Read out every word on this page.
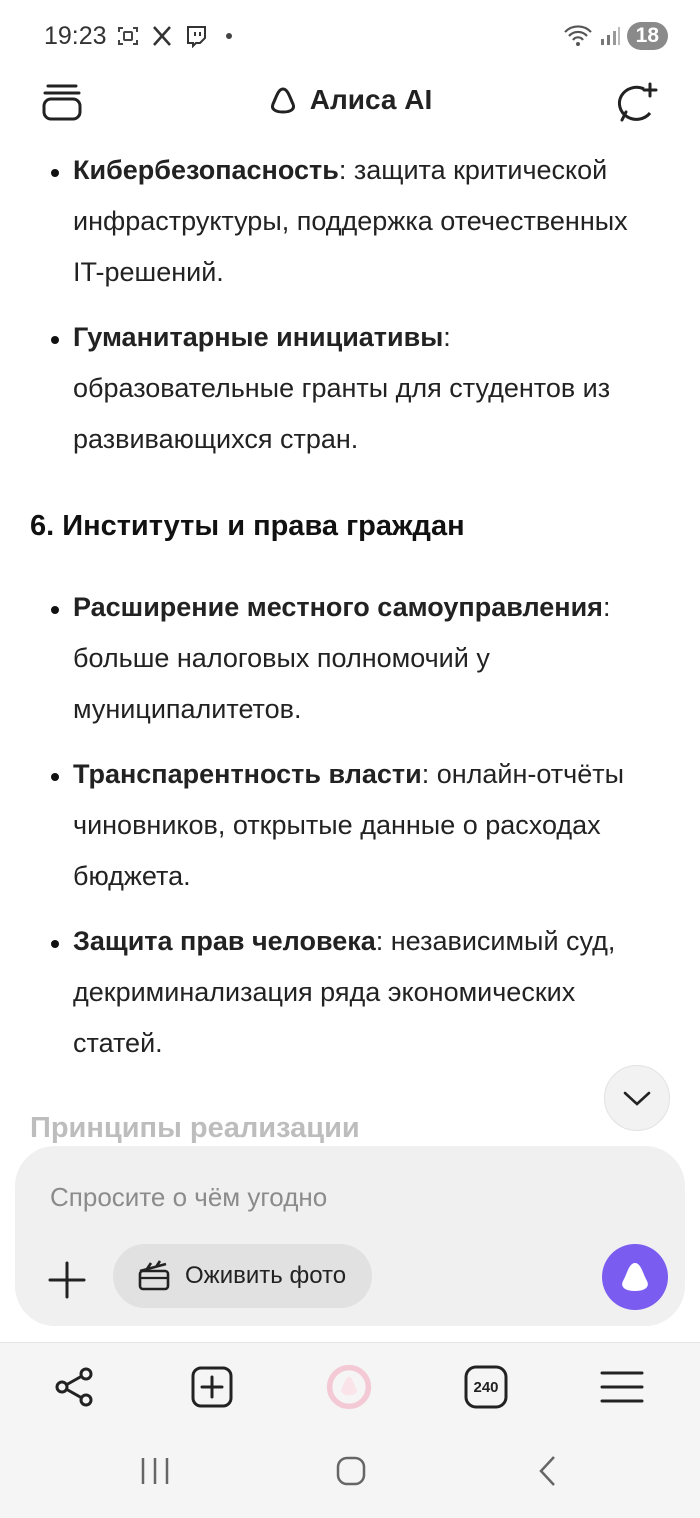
19:23	18
Алиса AI
Кибербезопасность: защита критической инфраструктуры, поддержка отечественных IT-решений.
Гуманитарные инициативы: образовательные гранты для студентов из развивающихся стран.
6. Институты и права граждан
Расширение местного самоуправления: больше налоговых полномочий у муниципалитетов.
Транспарентность власти: онлайн-отчёты чиновников, открытые данные о расходах бюджета.
Защита прав человека: независимый суд, декриминализация ряда экономических статей.
Принципы реализации
Спросите о чём угодно
Оживить фото
240
